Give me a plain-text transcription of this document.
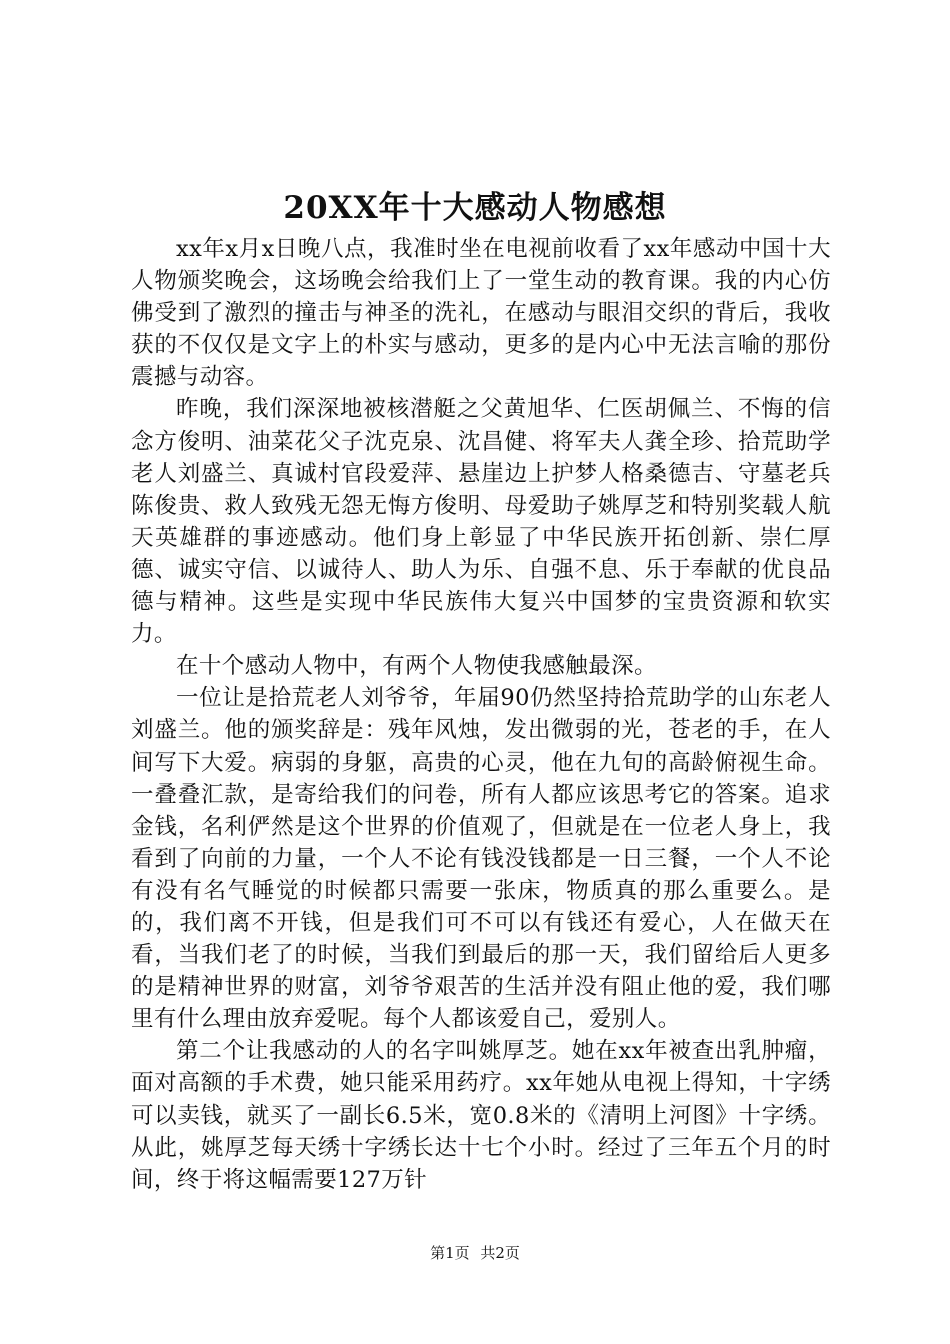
20XX年十大感动人物感想

xx年x月x日晚八点，我准时坐在电视前收看了xx年感动中国十大人物颁奖晚会，这场晚会给我们上了一堂生动的教育课。我的内心仿佛受到了激烈的撞击与神圣的洗礼，在感动与眼泪交织的背后，我收获的不仅仅是文字上的朴实与感动，更多的是内心中无法言喻的那份震撼与动容。

昨晚，我们深深地被核潜艇之父黄旭华、仁医胡佩兰、不悔的信念方俊明、油菜花父子沈克泉、沈昌健、将军夫人龚全珍、拾荒助学老人刘盛兰、真诚村官段爱萍、悬崖边上护梦人格桑德吉、守墓老兵陈俊贵、救人致残无怨无悔方俊明、母爱助子姚厚芝和特别奖载人航天英雄群的事迹感动。他们身上彰显了中华民族开拓创新、崇仁厚德、诚实守信、以诚待人、助人为乐、自强不息、乐于奉献的优良品德与精神。这些是实现中华民族伟大复兴中国梦的宝贵资源和软实力。

在十个感动人物中，有两个人物使我感触最深。

一位让是拾荒老人刘爷爷，年届90仍然坚持拾荒助学的山东老人刘盛兰。他的颁奖辞是：残年风烛，发出微弱的光，苍老的手，在人间写下大爱。病弱的身躯，高贵的心灵，他在九旬的高龄俯视生命。一叠叠汇款，是寄给我们的问卷，所有人都应该思考它的答案。追求金钱，名利俨然是这个世界的价值观了，但就是在一位老人身上，我看到了向前的力量，一个人不论有钱没钱都是一日三餐，一个人不论有没有名气睡觉的时候都只需要一张床，物质真的那么重要么。是的，我们离不开钱，但是我们可不可以有钱还有爱心，人在做天在看，当我们老了的时候，当我们到最后的那一天，我们留给后人更多的是精神世界的财富，刘爷爷艰苦的生活并没有阻止他的爱，我们哪里有什么理由放弃爱呢。每个人都该爱自己，爱别人。

第二个让我感动的人的名字叫姚厚芝。她在xx年被查出乳肿瘤，面对高额的手术费，她只能采用药疗。xx年她从电视上得知，十字绣可以卖钱，就买了一副长6.5米，宽0.8米的《清明上河图》十字绣。从此，姚厚芝每天绣十字绣长达十七个小时。经过了三年五个月的时间，终于将这幅需要127万针

第1页 共2页
